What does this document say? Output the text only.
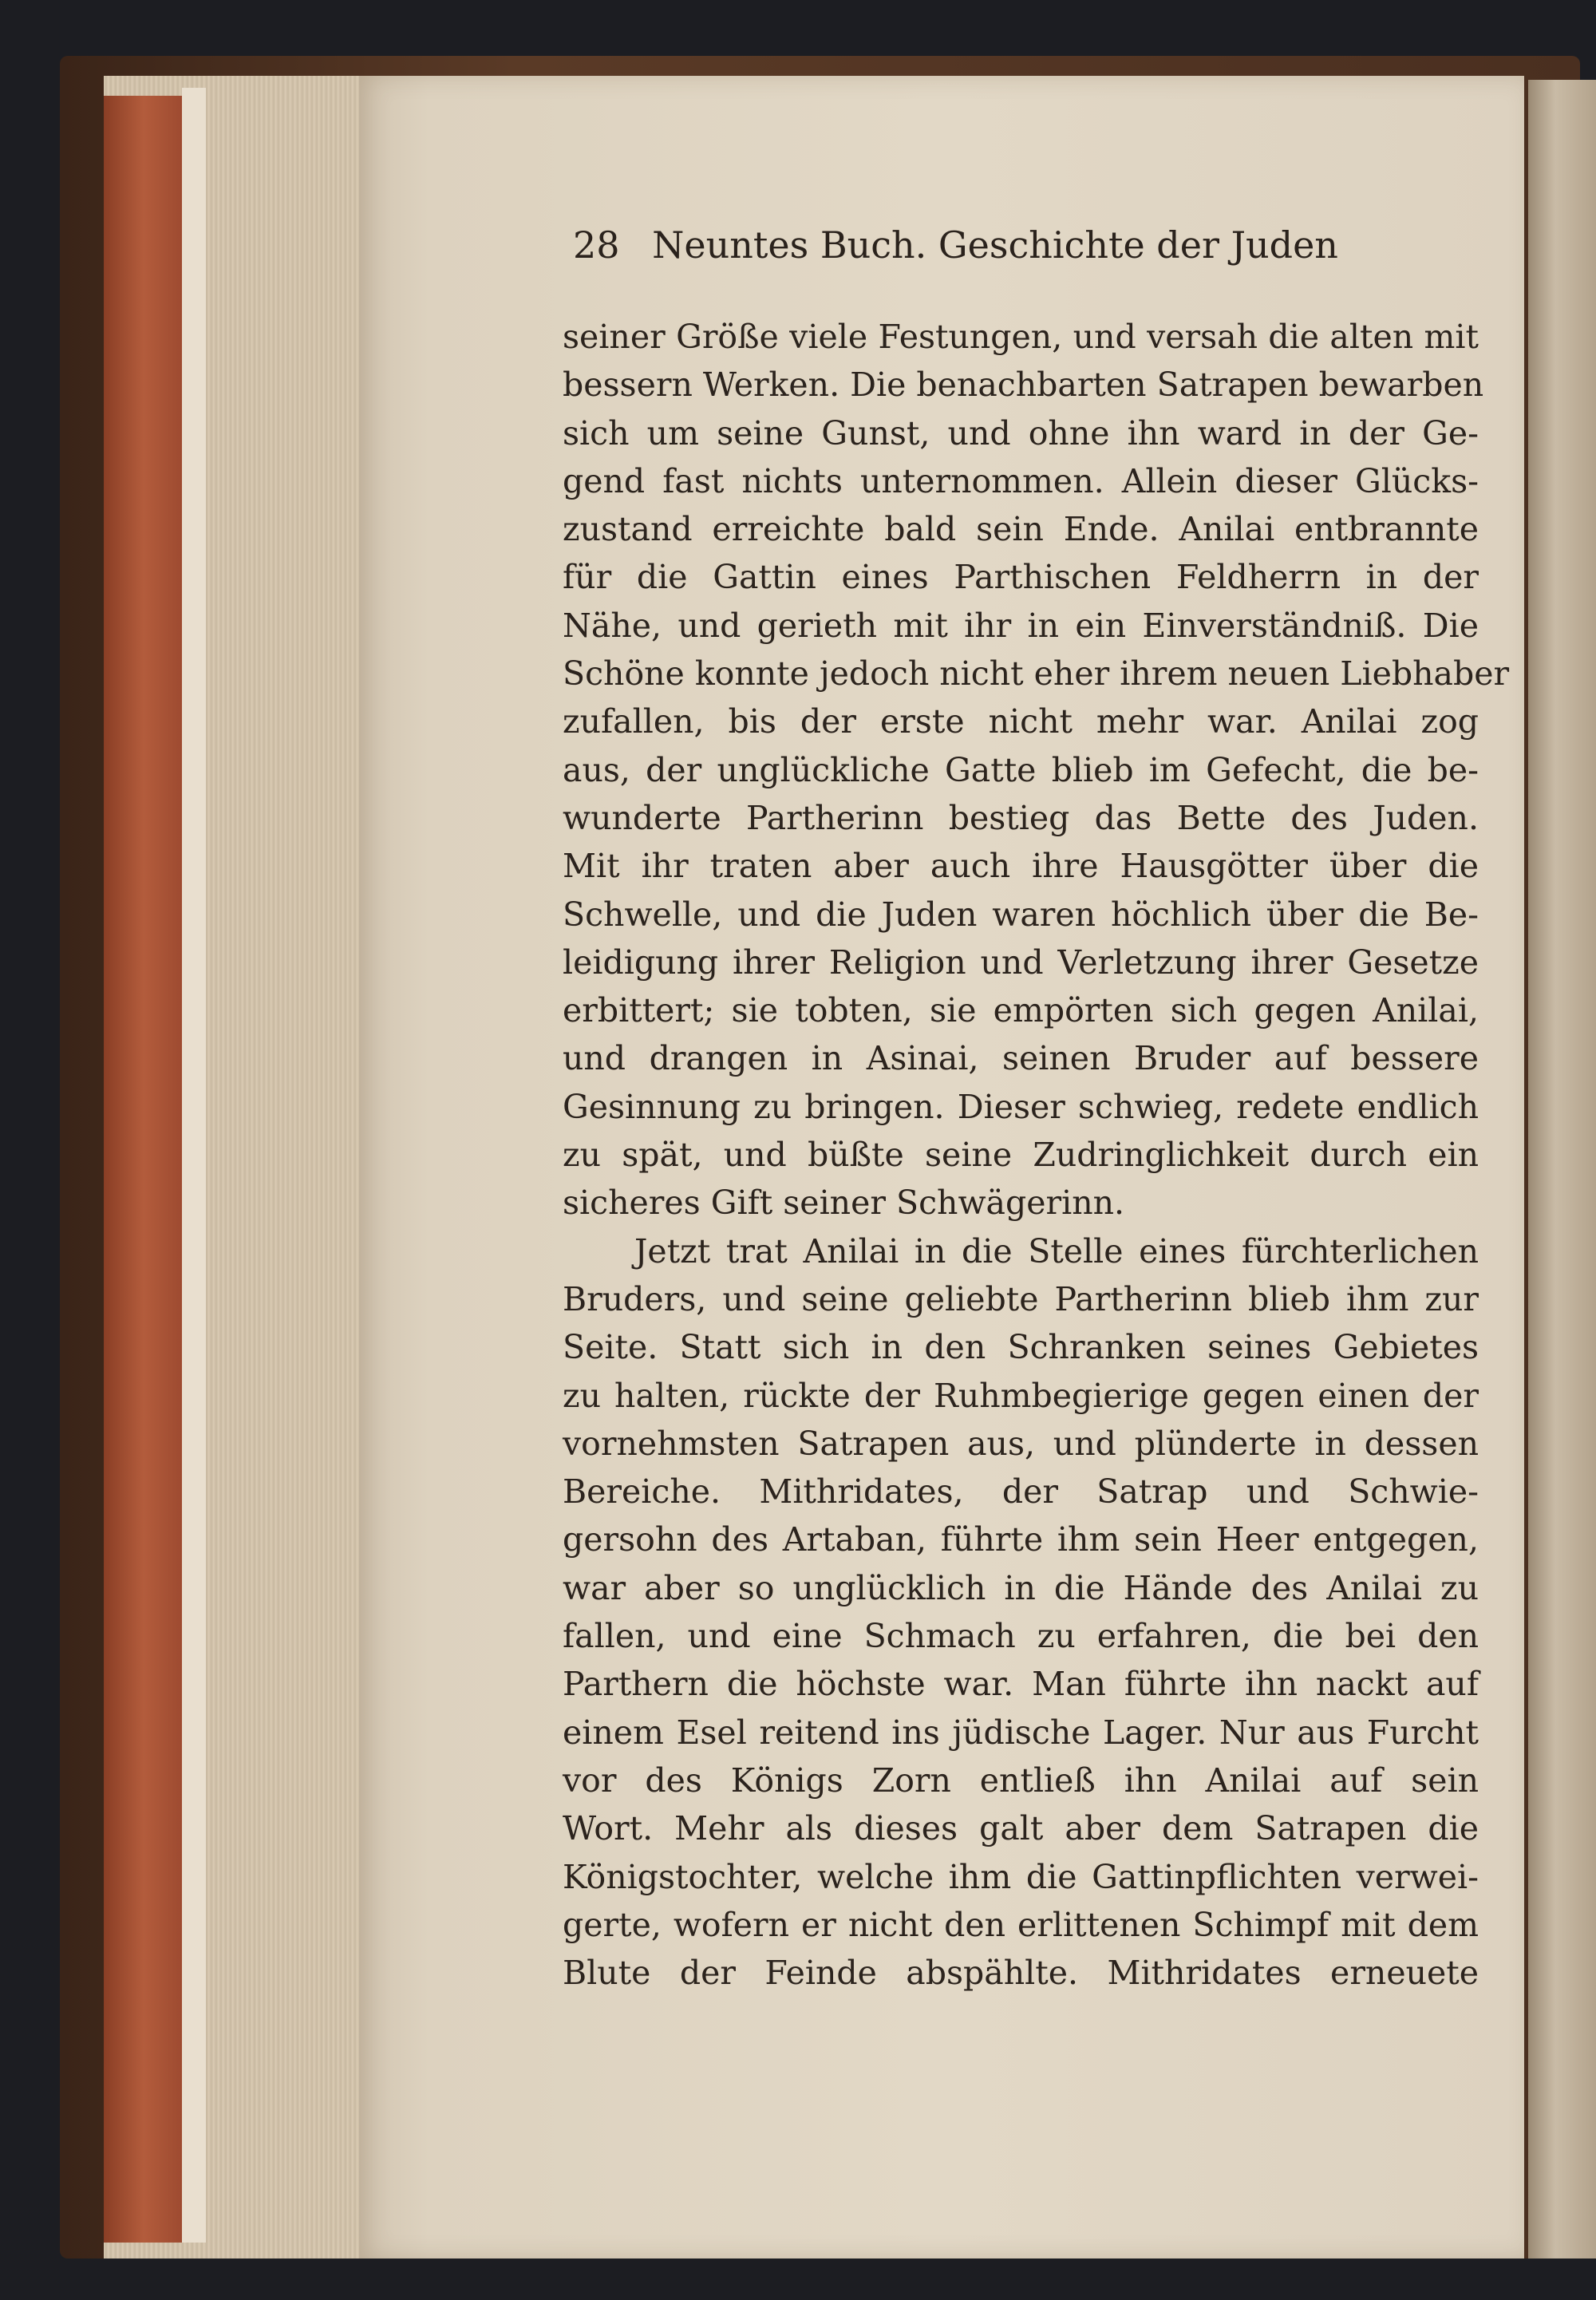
28 Neuntes Buch. Geschichte der Juden
seiner Größe viele Festungen, und versah die alten mit
bessern Werken. Die benachbarten Satrapen bewarben
sich um seine Gunst, und ohne ihn ward in der Ge-
gend fast nichts unternommen. Allein dieser Glücks-
zustand erreichte bald sein Ende. Anilai entbrannte
für die Gattin eines Parthischen Feldherrn in der
Nähe, und gerieth mit ihr in ein Einverständniß. Die
Schöne konnte jedoch nicht eher ihrem neuen Liebhaber
zufallen, bis der erste nicht mehr war. Anilai zog
aus, der unglückliche Gatte blieb im Gefecht, die be-
wunderte Partherinn bestieg das Bette des Juden.
Mit ihr traten aber auch ihre Hausgötter über die
Schwelle, und die Juden waren höchlich über die Be-
leidigung ihrer Religion und Verletzung ihrer Gesetze
erbittert; sie tobten, sie empörten sich gegen Anilai,
und drangen in Asinai, seinen Bruder auf bessere
Gesinnung zu bringen. Dieser schwieg, redete endlich
zu spät, und büßte seine Zudringlichkeit durch ein
sicheres Gift seiner Schwägerinn.
Jetzt trat Anilai in die Stelle eines fürchterlichen
Bruders, und seine geliebte Partherinn blieb ihm zur
Seite. Statt sich in den Schranken seines Gebietes
zu halten, rückte der Ruhmbegierige gegen einen der
vornehmsten Satrapen aus, und plünderte in dessen
Bereiche. Mithridates, der Satrap und Schwie-
gersohn des Artaban, führte ihm sein Heer entgegen,
war aber so unglücklich in die Hände des Anilai zu
fallen, und eine Schmach zu erfahren, die bei den
Parthern die höchste war. Man führte ihn nackt auf
einem Esel reitend ins jüdische Lager. Nur aus Furcht
vor des Königs Zorn entließ ihn Anilai auf sein
Wort. Mehr als dieses galt aber dem Satrapen die
Königstochter, welche ihm die Gattinpflichten verwei-
gerte, wofern er nicht den erlittenen Schimpf mit dem
Blute der Feinde abspählte. Mithridates erneuete
